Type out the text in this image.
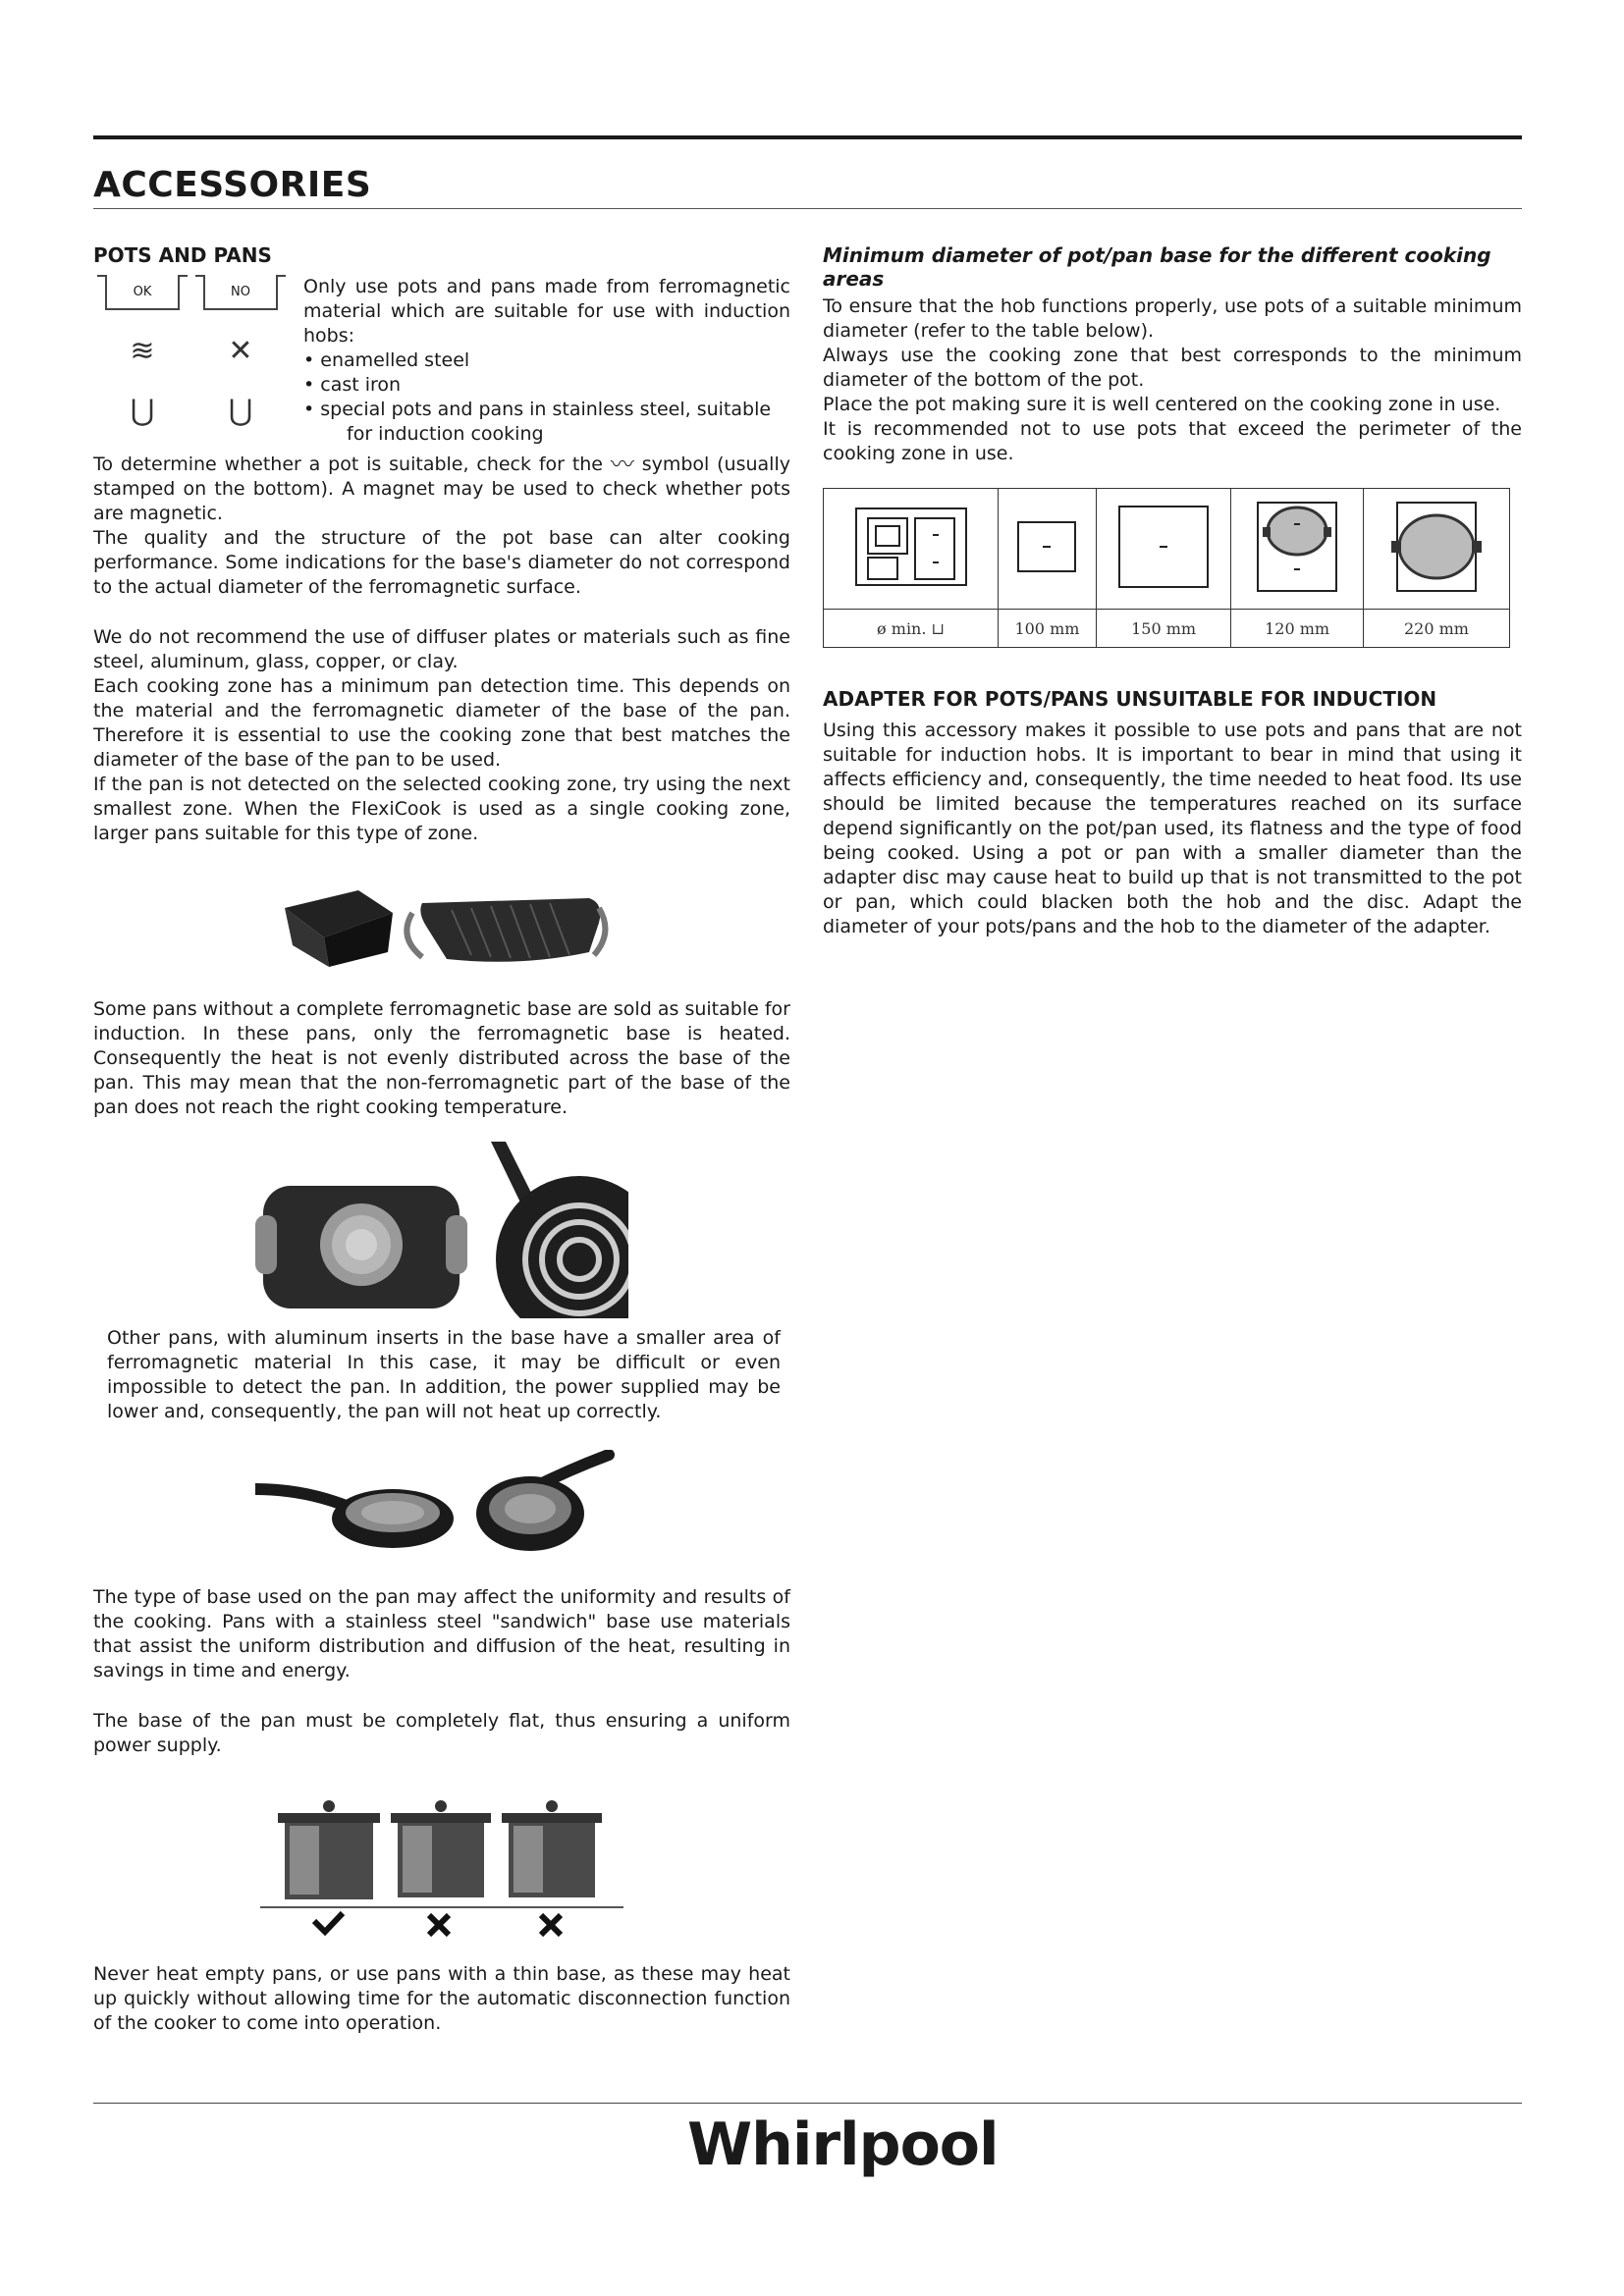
ACCESSORIES
POTS AND PANS
OK	NO
≋ ✕
⋃	⋃

Only use pots and pans made from ferromagnetic material which are suitable for use with induction hobs:

• enamelled steel
• cast iron
• special pots and pans in stainless steel, suitable
for induction cooking

To determine whether a pot is suitable, check for the 〰 symbol (usually stamped on the bottom). A magnet may be used to check whether pots are magnetic.

The quality and the structure of the pot base can alter cooking performance. Some indications for the base's diameter do not correspond to the actual diameter of the ferromagnetic surface.

We do not recommend the use of diffuser plates or materials such as fine steel, aluminum, glass, copper, or clay.

Each cooking zone has a minimum pan detection time. This depends on the material and the ferromagnetic diameter of the base of the pan. Therefore it is essential to use the cooking zone that best matches the diameter of the base of the pan to be used.

If the pan is not detected on the selected cooking zone, try using the next smallest zone. When the FlexiCook is used as a single cooking zone, larger pans suitable for this type of zone.

Some pans without a complete ferromagnetic base are sold as suitable for induction. In these pans, only the ferromagnetic base is heated. Consequently the heat is not evenly distributed across the base of the pan. This may mean that the non-ferromagnetic part of the base of the pan does not reach the right cooking temperature.

Other pans, with aluminum inserts in the base have a smaller area of ferromagnetic material In this case, it may be difficult or even impossible to detect the pan. In addition, the power supplied may be lower and, consequently, the pan will not heat up correctly.

The type of base used on the pan may affect the uniformity and results of the cooking. Pans with a stainless steel "sandwich" base use materials that assist the uniform distribution and diffusion of the heat, resulting in savings in time and energy.

The base of the pan must be completely flat, thus ensuring a uniform power supply.

Never heat empty pans, or use pans with a thin base, as these may heat up quickly without allowing time for the automatic disconnection function of the cooker to come into operation.

Minimum diameter of pot/pan base for the different cooking areas

To ensure that the hob functions properly, use pots of a suitable minimum diameter (refer to the table below).

Always use the cooking zone that best corresponds to the minimum diameter of the bottom of the pot.

Place the pot making sure it is well centered on the cooking zone in use.

It is recommended not to use pots that exceed the perimeter of the cooking zone in use.

ø min. ⊔	100 mm	150 mm	120 mm	220 mm
ADAPTER FOR POTS/PANS UNSUITABLE FOR INDUCTION

Using this accessory makes it possible to use pots and pans that are not suitable for induction hobs. It is important to bear in mind that using it affects efficiency and, consequently, the time needed to heat food. Its use should be limited because the temperatures reached on its surface depend significantly on the pot/pan used, its flatness and the type of food being cooked. Using a pot or pan with a smaller diameter than the adapter disc may cause heat to build up that is not transmitted to the pot or pan, which could blacken both the hob and the disc. Adapt the diameter of your pots/pans and the hob to the diameter of the adapter.

Whirlpool
